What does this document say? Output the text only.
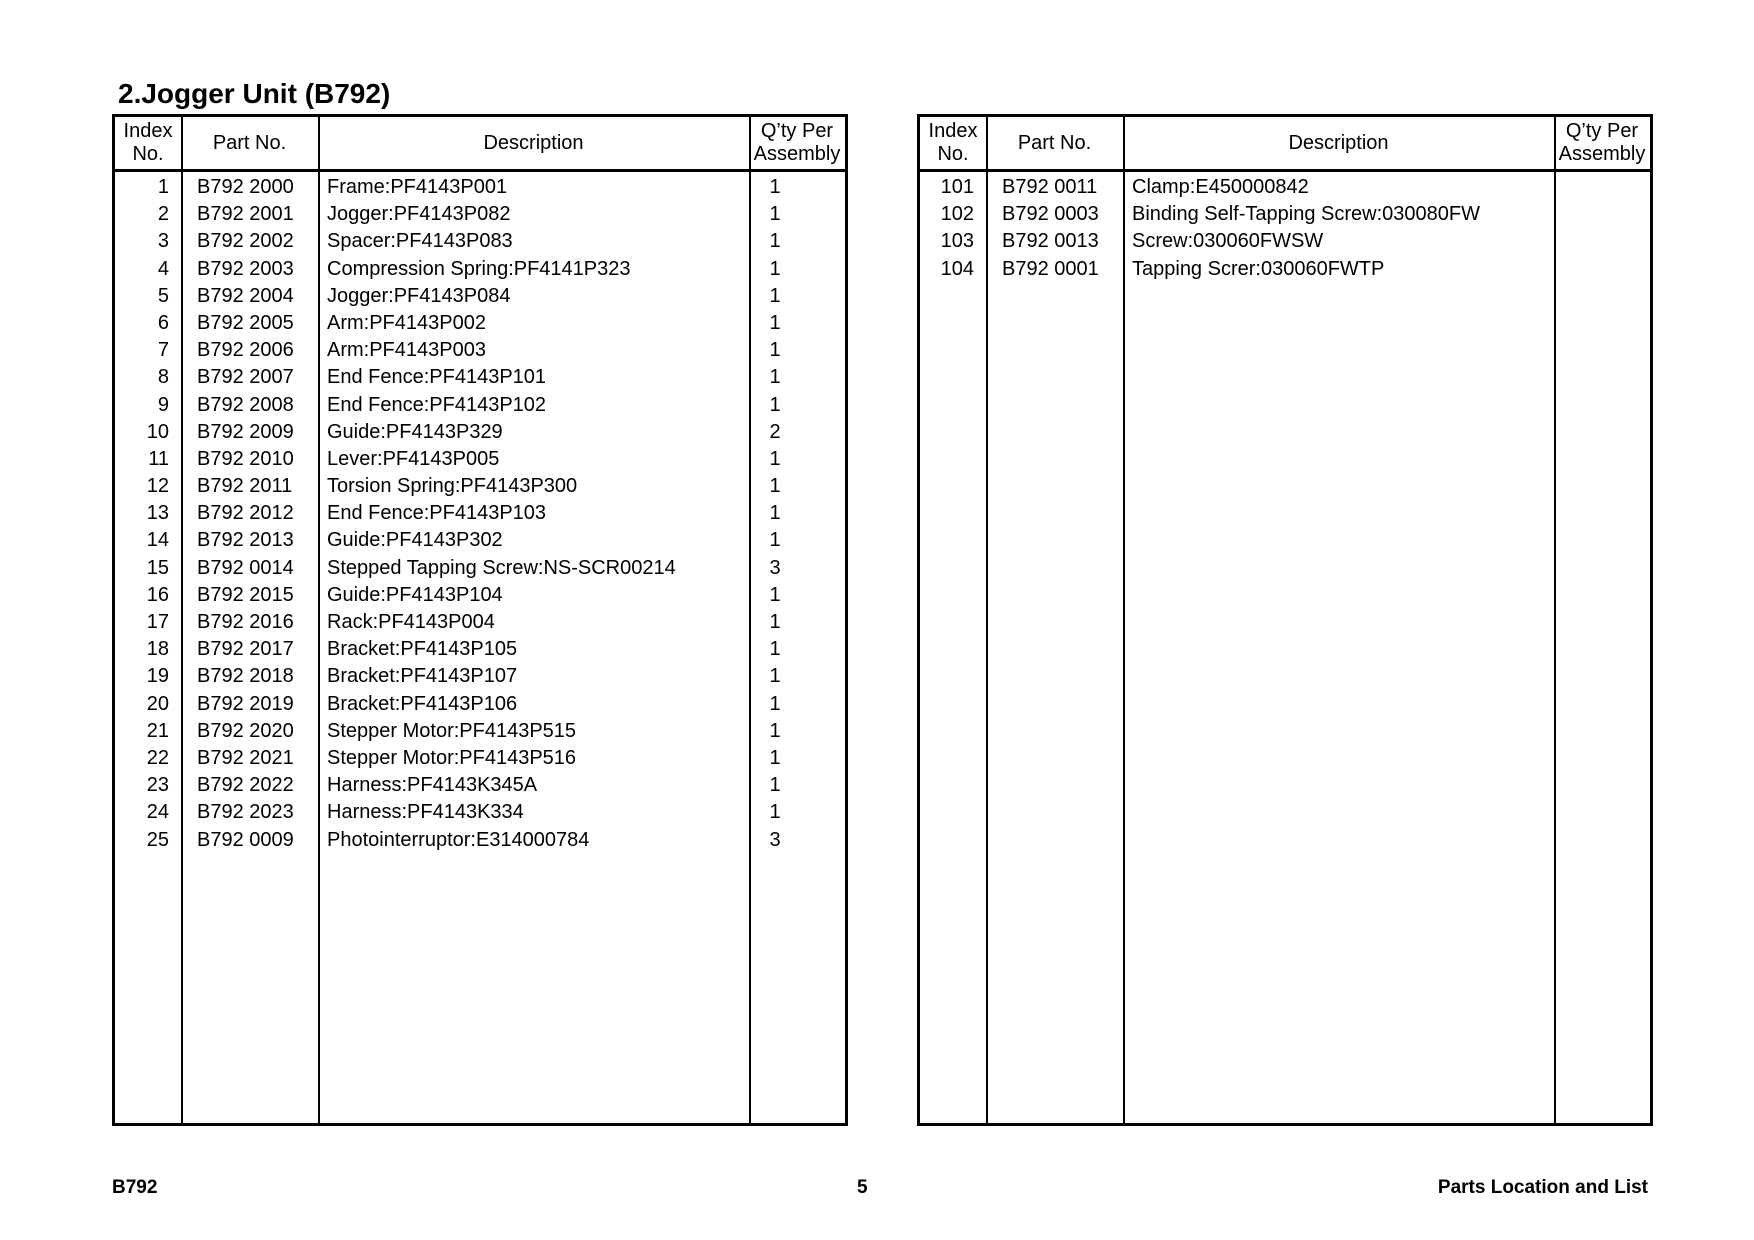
2.Jogger Unit (B792)
Index
No.
Part No.	Description
Q’ty Per
Assembly
1 B792 2000	Frame:PF4143P001	1
2 B792 2001	Jogger:PF4143P082	1
3 B792 2002	Spacer:PF4143P083	1
4 B792 2003	Compression Spring:PF4141P323	1
5 B792 2004	Jogger:PF4143P084	1
6 B792 2005	Arm:PF4143P002	1
7 B792 2006	Arm:PF4143P003	1
8 B792 2007	End Fence:PF4143P101	1
9 B792 2008	End Fence:PF4143P102	1
10 B792 2009	Guide:PF4143P329	2
11 B792 2010	Lever:PF4143P005	1
12 B792 2011	Torsion Spring:PF4143P300	1
13 B792 2012	End Fence:PF4143P103	1
14 B792 2013	Guide:PF4143P302	1
15 B792 0014	Stepped Tapping Screw:NS-SCR00214	3
16 B792 2015	Guide:PF4143P104	1
17 B792 2016	Rack:PF4143P004	1
18 B792 2017	Bracket:PF4143P105	1
19 B792 2018	Bracket:PF4143P107	1
20 B792 2019	Bracket:PF4143P106	1
21 B792 2020	Stepper Motor:PF4143P515	1
22 B792 2021	Stepper Motor:PF4143P516	1
23 B792 2022	Harness:PF4143K345A	1
24 B792 2023	Harness:PF4143K334	1
25 B792 0009	Photointerruptor:E314000784	3
Index
No.
Part No.	Description
Q’ty Per
Assembly
101 B792 0011	Clamp:E450000842
102 B792 0003	Binding Self-Tapping Screw:030080FW
103 B792 0013	Screw:030060FWSW
104 B792 0001	Tapping Screr:030060FWTP
B792	5	Parts Location and List
